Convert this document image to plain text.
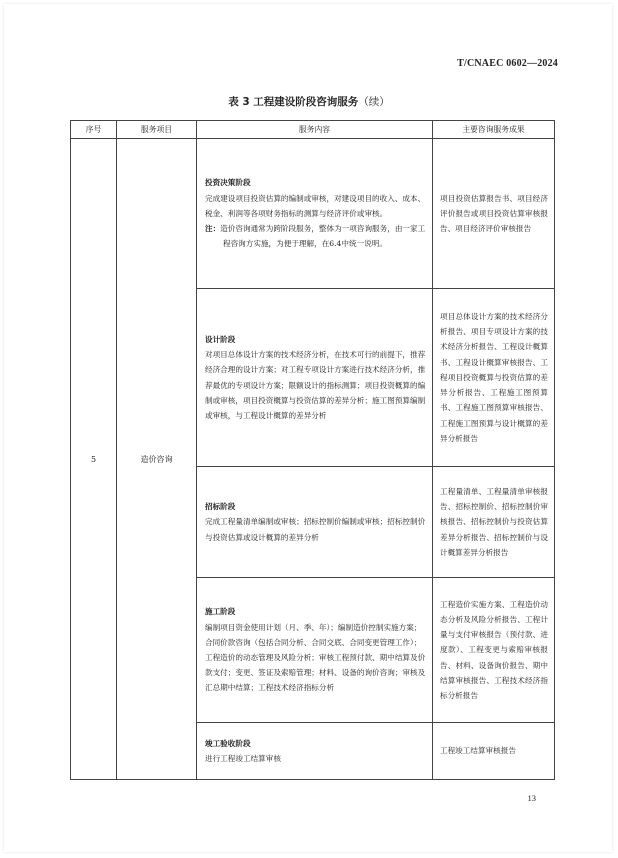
T/CNAEC 0602—2024
表 3 工程建设阶段咨询服务（续）
序号	服务项目	服务内容	主要咨询服务成果
5	造价咨询	投资决策阶段
完成建设项目投资估算的编制或审核，对建设项目的收入、成本、税金、利润等各项财务指标的测算与经济评价或审核。
注：造价咨询通常为跨阶段服务，整体为一项咨询服务，由一家工程咨询方实施，为便于理解，在6.4中统一说明。	项目投资估算报告书、项目经济评价报告或项目投资估算审核报告、项目经济评价审核报告

		设计阶段
对项目总体设计方案的技术经济分析，在技术可行的前提下，推荐经济合理的设计方案；对工程专项设计方案进行技术经济分析，推荐最优的专项设计方案；限额设计的指标测算；项目投资概算的编制或审核，项目投资概算与投资估算的差异分析；施工图预算编制或审核，与工程设计概算的差异分析	项目总体设计方案的技术经济分析报告、项目专项设计方案的技术经济分析报告、工程设计概算书、工程设计概算审核报告、工程项目投资概算与投资估算的差异分析报告、工程施工图预算书、工程施工图预算审核报告、工程施工图预算与设计概算的差异分析报告

		招标阶段
完成工程量清单编制或审核；招标控制价编制或审核；招标控制价与投资估算或设计概算的差异分析	工程量清单、工程量清单审核报告、招标控制价、招标控制价审核报告、招标控制价与投资估算差异分析报告、招标控制价与设计概算差异分析报告

		施工阶段
编制项目资金使用计划（月、季、年）；编制造价控制实施方案；合同价款咨询（包括合同分析、合同交底、合同变更管理工作）；工程造价的动态管理及风险分析；审核工程预付款、期中结算及价款支付；变更、签证及索赔管理；材料、设备的询价咨询；审核及汇总期中结算；工程技术经济指标分析	工程造价实施方案、工程造价动态分析及风险分析报告、工程计量与支付审核报告（预付款、进度款）、工程变更与索赔审核报告、材料、设备询价报告、期中结算审核报告、工程技术经济指标分析报告

		竣工验收阶段
进行工程竣工结算审核	工程竣工结算审核报告
13
